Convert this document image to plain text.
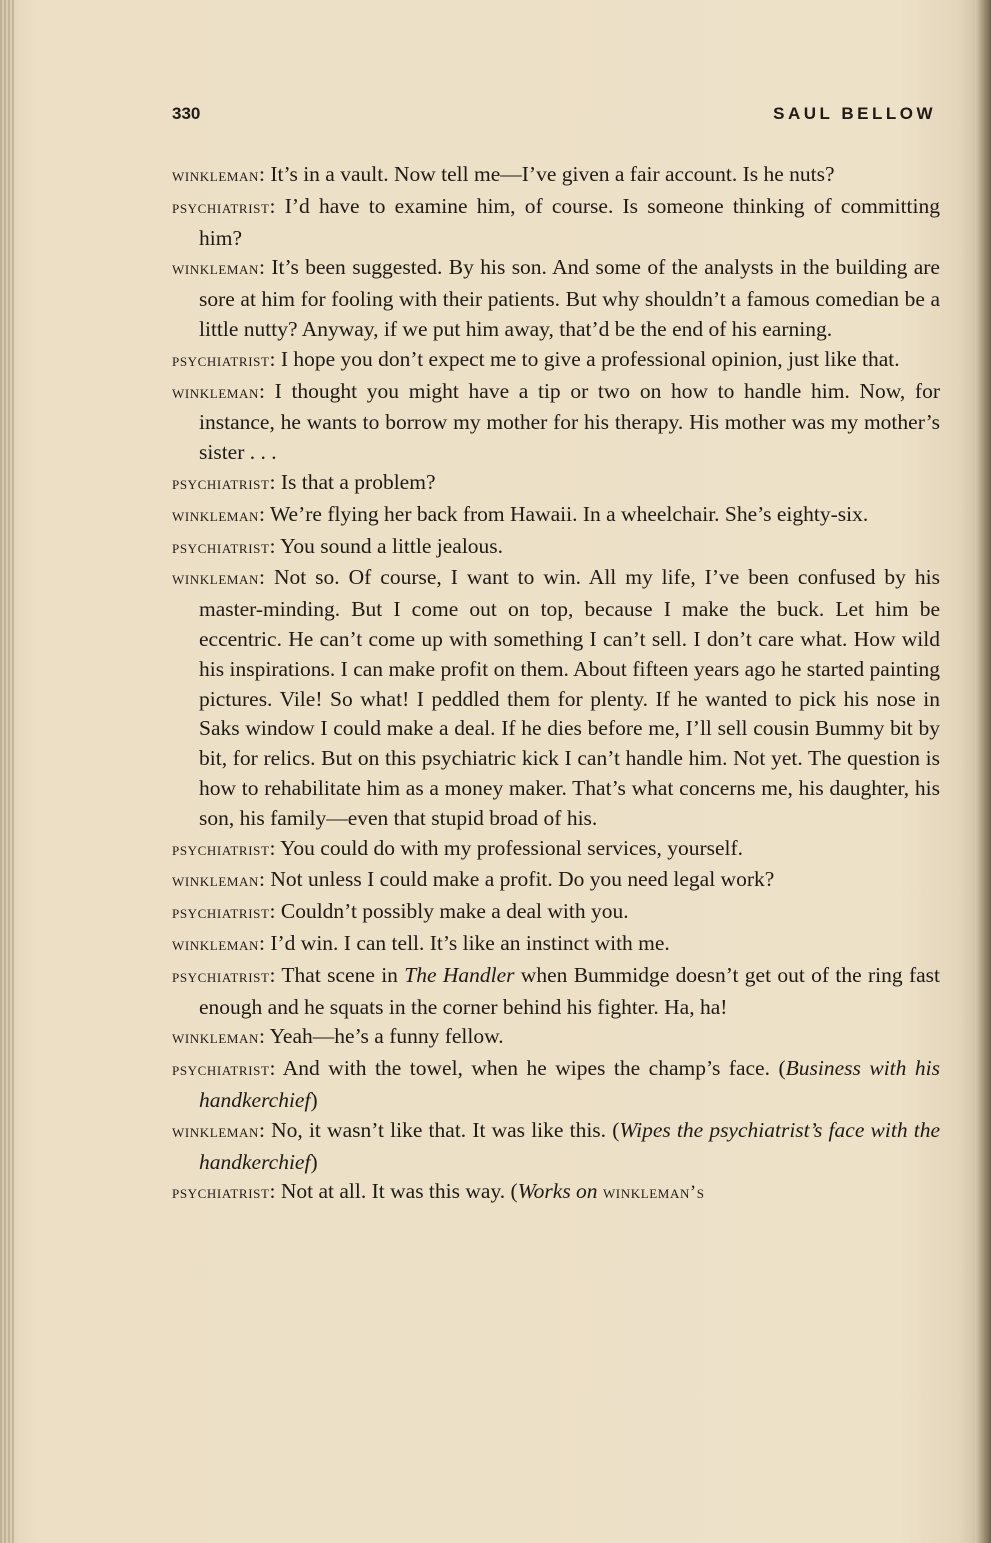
330	SAUL BELLOW

winkleman: It’s in a vault. Now tell me—I’ve given a fair account. Is he nuts?

psychiatrist: I’d have to examine him, of course. Is someone thinking of committing him?

winkleman: It’s been suggested. By his son. And some of the analysts in the building are sore at him for fooling with their patients. But why shouldn’t a famous comedian be a little nutty? Anyway, if we put him away, that’d be the end of his earning.

psychiatrist: I hope you don’t expect me to give a professional opinion, just like that.

winkleman: I thought you might have a tip or two on how to handle him. Now, for instance, he wants to borrow my mother for his therapy. His mother was my mother’s sister . . .

psychiatrist: Is that a problem?

winkleman: We’re flying her back from Hawaii. In a wheelchair. She’s eighty-six.

psychiatrist: You sound a little jealous.

winkleman: Not so. Of course, I want to win. All my life, I’ve been confused by his master-minding. But I come out on top, because I make the buck. Let him be eccentric. He can’t come up with something I can’t sell. I don’t care what. How wild his inspirations. I can make profit on them. About fifteen years ago he started painting pictures. Vile! So what! I peddled them for plenty. If he wanted to pick his nose in Saks window I could make a deal. If he dies before me, I’ll sell cousin Bummy bit by bit, for relics. But on this psychiatric kick I can’t handle him. Not yet. The question is how to rehabilitate him as a money maker. That’s what concerns me, his daughter, his son, his family—even that stupid broad of his.

psychiatrist: You could do with my professional services, yourself.

winkleman: Not unless I could make a profit. Do you need legal work?

psychiatrist: Couldn’t possibly make a deal with you.

winkleman: I’d win. I can tell. It’s like an instinct with me.

psychiatrist: That scene in The Handler when Bummidge doesn’t get out of the ring fast enough and he squats in the corner behind his fighter. Ha, ha!

winkleman: Yeah—he’s a funny fellow.

psychiatrist: And with the towel, when he wipes the champ’s face. (Business with his handkerchief)

winkleman: No, it wasn’t like that. It was like this. (Wipes the psychiatrist’s face with the handkerchief)

psychiatrist: Not at all. It was this way. (Works on winkleman’s
